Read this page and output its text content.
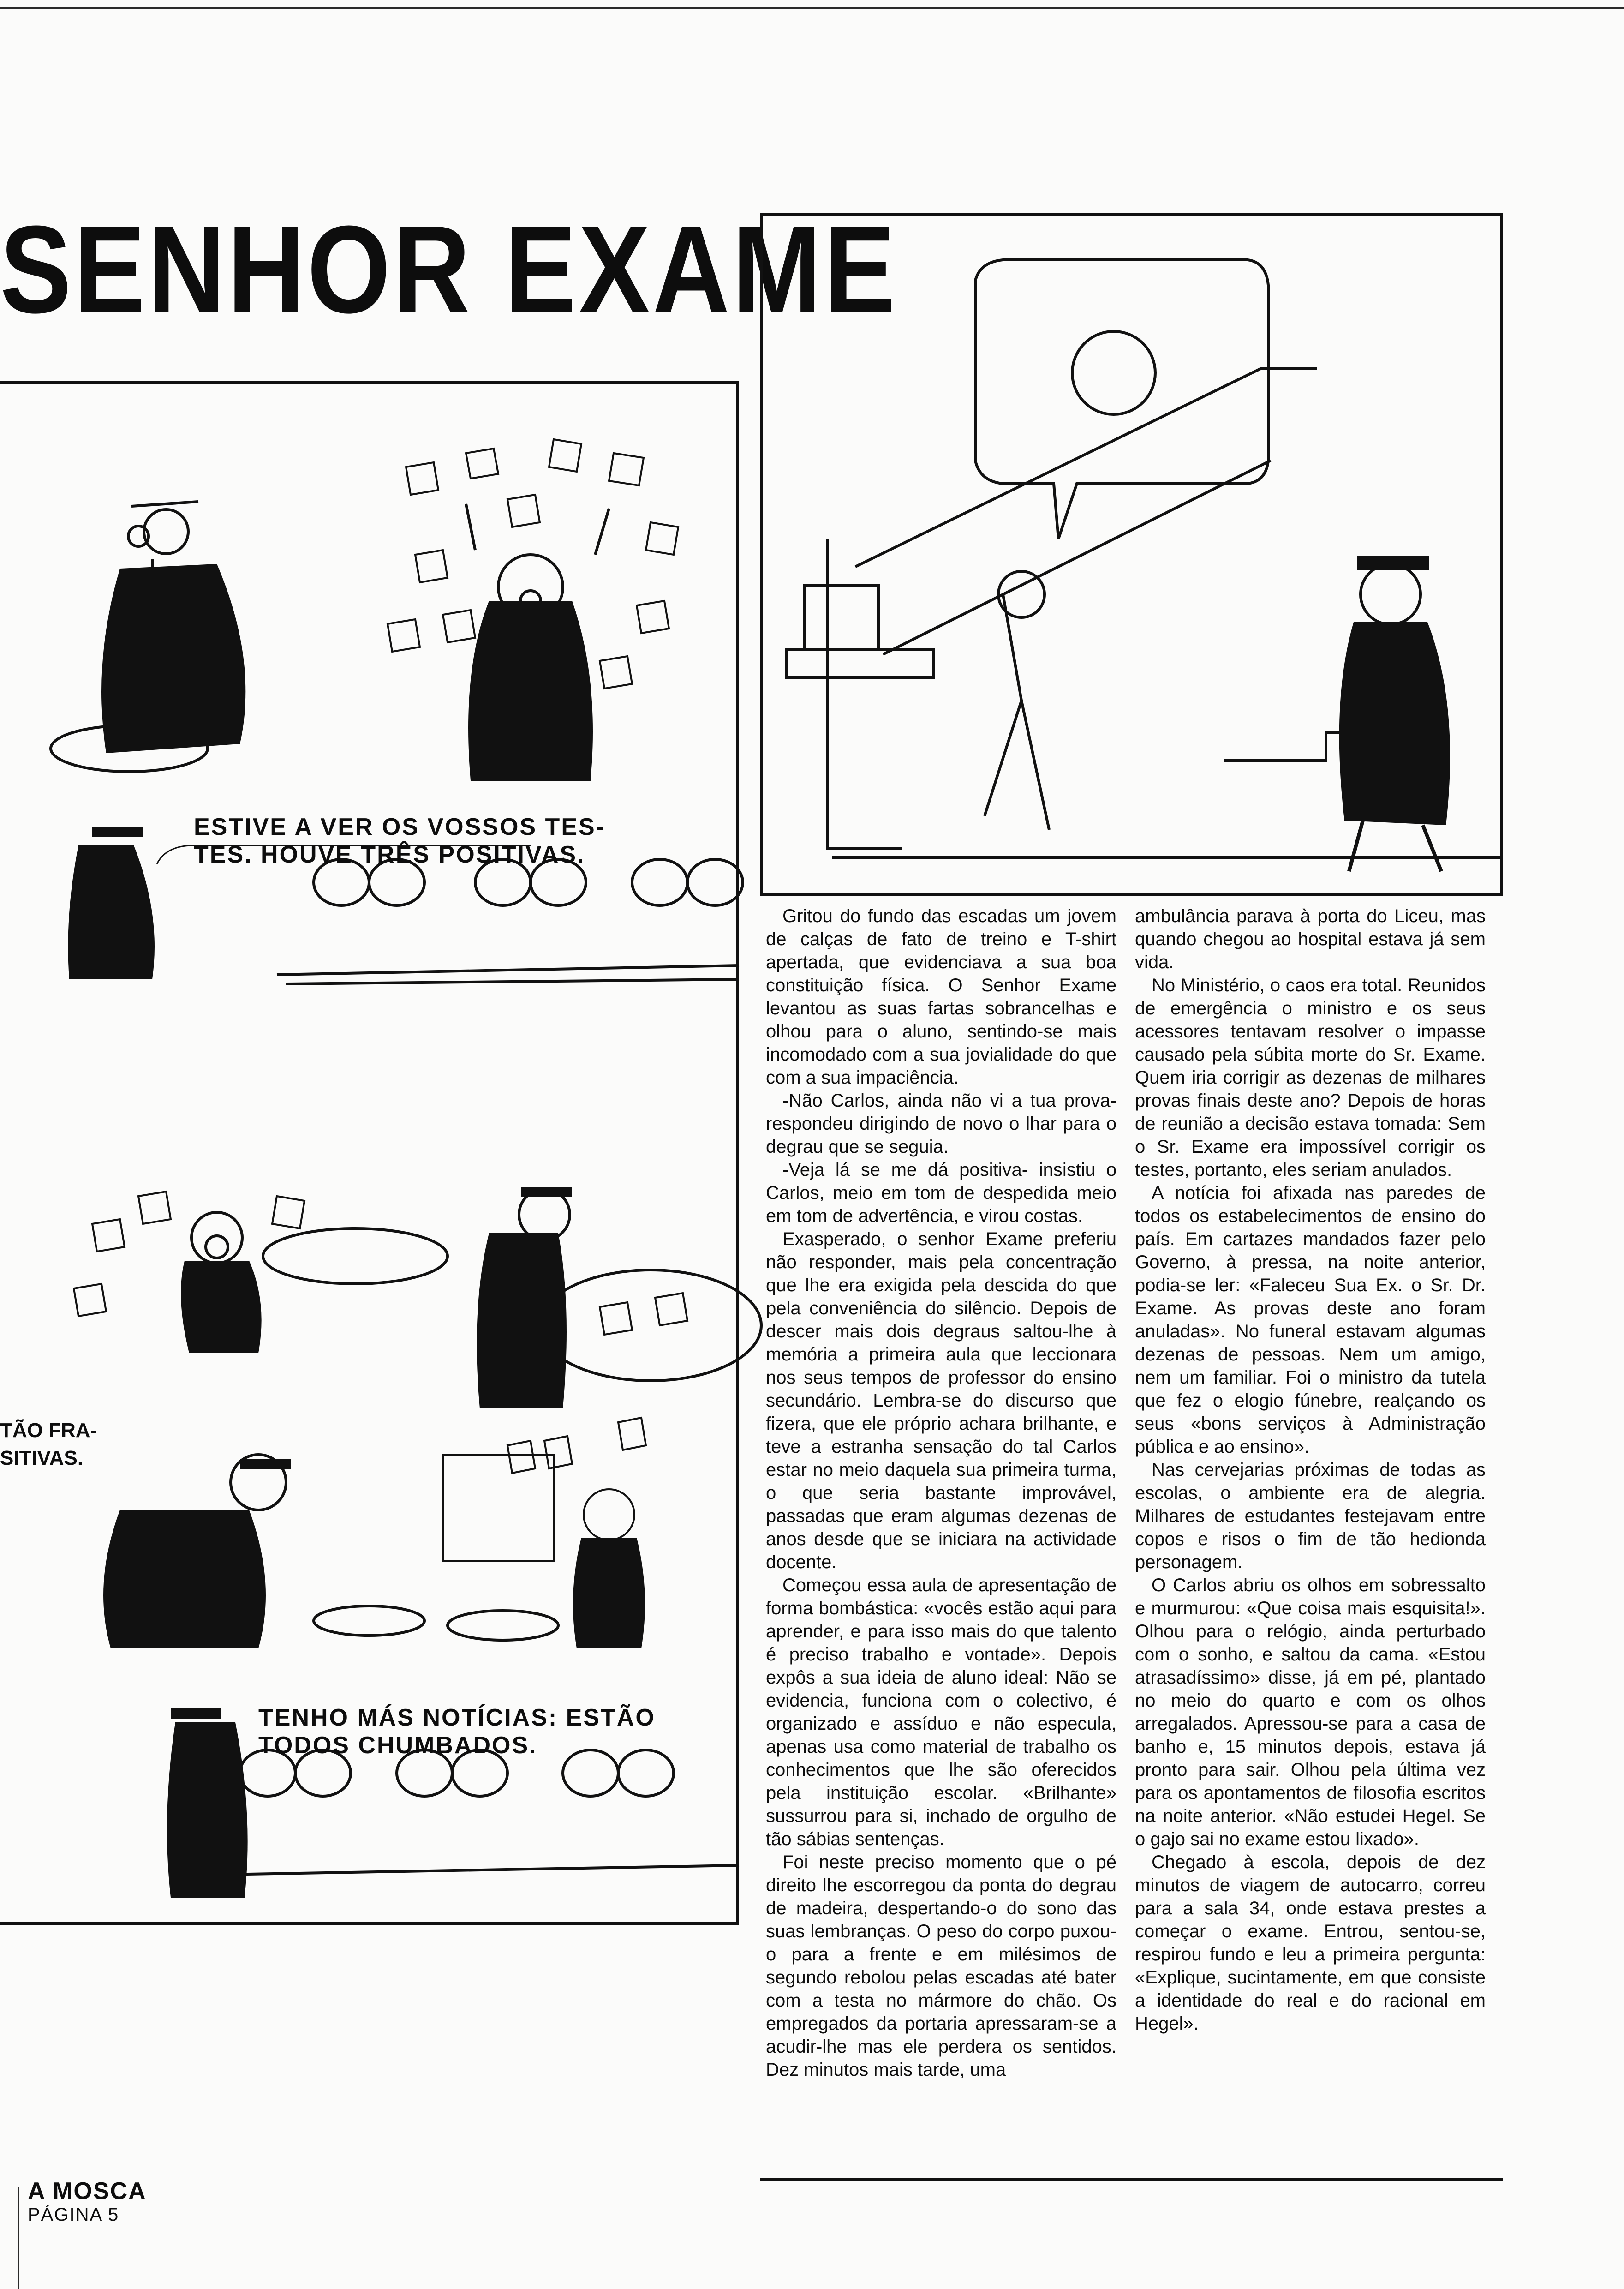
SENHOR EXAME
ESTIVE A VER OS VOSSOS TES-
TES. HOUVE TRÊS POSITIVAS.
TENHO MÁS NOTÍCIAS: ESTÃO
TODOS CHUMBADOS.
TÃO FRA-
SITIVAS.

Gritou do fundo das escadas um jovem de calças de fato de treino e T-shirt apertada, que evidenciava a sua boa constituição física. O Senhor Exame levantou as suas fartas sobrancelhas e olhou para o aluno, sentindo-se mais incomodado com a sua jovialidade do que com a sua impaciência.

-Não Carlos, ainda não vi a tua prova- respondeu dirigindo de novo o lhar para o degrau que se seguia.

-Veja lá se me dá positiva- insistiu o Carlos, meio em tom de despedida meio em tom de advertência, e virou costas.

Exasperado, o senhor Exame preferiu não responder, mais pela concentração que lhe era exigida pela descida do que pela conveniência do silêncio. Depois de descer mais dois degraus saltou-lhe à memória a primeira aula que leccionara nos seus tempos de professor do ensino secundário. Lembra-se do discurso que fizera, que ele próprio achara brilhante, e teve a estranha sensação do tal Carlos estar no meio daquela sua primeira turma, o que seria bastante improvável, passadas que eram algumas dezenas de anos desde que se iniciara na actividade docente.

Começou essa aula de apresentação de forma bombástica: «vocês estão aqui para aprender, e para isso mais do que talento é preciso trabalho e vontade». Depois expôs a sua ideia de aluno ideal: Não se evidencia, funciona com o colectivo, é organizado e assíduo e não especula, apenas usa como material de trabalho os conhecimentos que lhe são oferecidos pela instituição escolar. «Brilhante» sussurrou para si, inchado de orgulho de tão sábias sentenças.

Foi neste preciso momento que o pé direito lhe escorregou da ponta do degrau de madeira, despertando-o do sono das suas lembranças. O peso do corpo puxou-o para a frente e em milésimos de segundo rebolou pelas escadas até bater com a testa no mármore do chão. Os empregados da portaria apressaram-se a acudir-lhe mas ele perdera os sentidos. Dez minutos mais tarde, uma

ambulância parava à porta do Liceu, mas quando chegou ao hospital estava já sem vida.

No Ministério, o caos era total. Reunidos de emergência o ministro e os seus acessores tentavam resolver o impasse causado pela súbita morte do Sr. Exame. Quem iria corrigir as dezenas de milhares provas finais deste ano? Depois de horas de reunião a decisão estava tomada: Sem o Sr. Exame era impossível corrigir os testes, portanto, eles seriam anulados.

A notícia foi afixada nas paredes de todos os estabelecimentos de ensino do país. Em cartazes mandados fazer pelo Governo, à pressa, na noite anterior, podia-se ler: «Faleceu Sua Ex. o Sr. Dr. Exame. As provas deste ano foram anuladas». No funeral estavam algumas dezenas de pessoas. Nem um amigo, nem um familiar. Foi o ministro da tutela que fez o elogio fúnebre, realçando os seus «bons serviços à Administração pública e ao ensino».

Nas cervejarias próximas de todas as escolas, o ambiente era de alegria. Milhares de estudantes festejavam entre copos e risos o fim de tão hedionda personagem.

O Carlos abriu os olhos em sobressalto e murmurou: «Que coisa mais esquisita!». Olhou para o relógio, ainda perturbado com o sonho, e saltou da cama. «Estou atrasadíssimo» disse, já em pé, plantado no meio do quarto e com os olhos arregalados. Apressou-se para a casa de banho e, 15 minutos depois, estava já pronto para sair. Olhou pela última vez para os apontamentos de filosofia escritos na noite anterior. «Não estudei Hegel. Se o gajo sai no exame estou lixado».

Chegado à escola, depois de dez minutos de viagem de autocarro, correu para a sala 34, onde estava prestes a começar o exame. Entrou, sentou-se, respirou fundo e leu a primeira pergunta: «Explique, sucintamente, em que consiste a identidade do real e do racional em Hegel».

A MOSCA
PÁGINA 5
